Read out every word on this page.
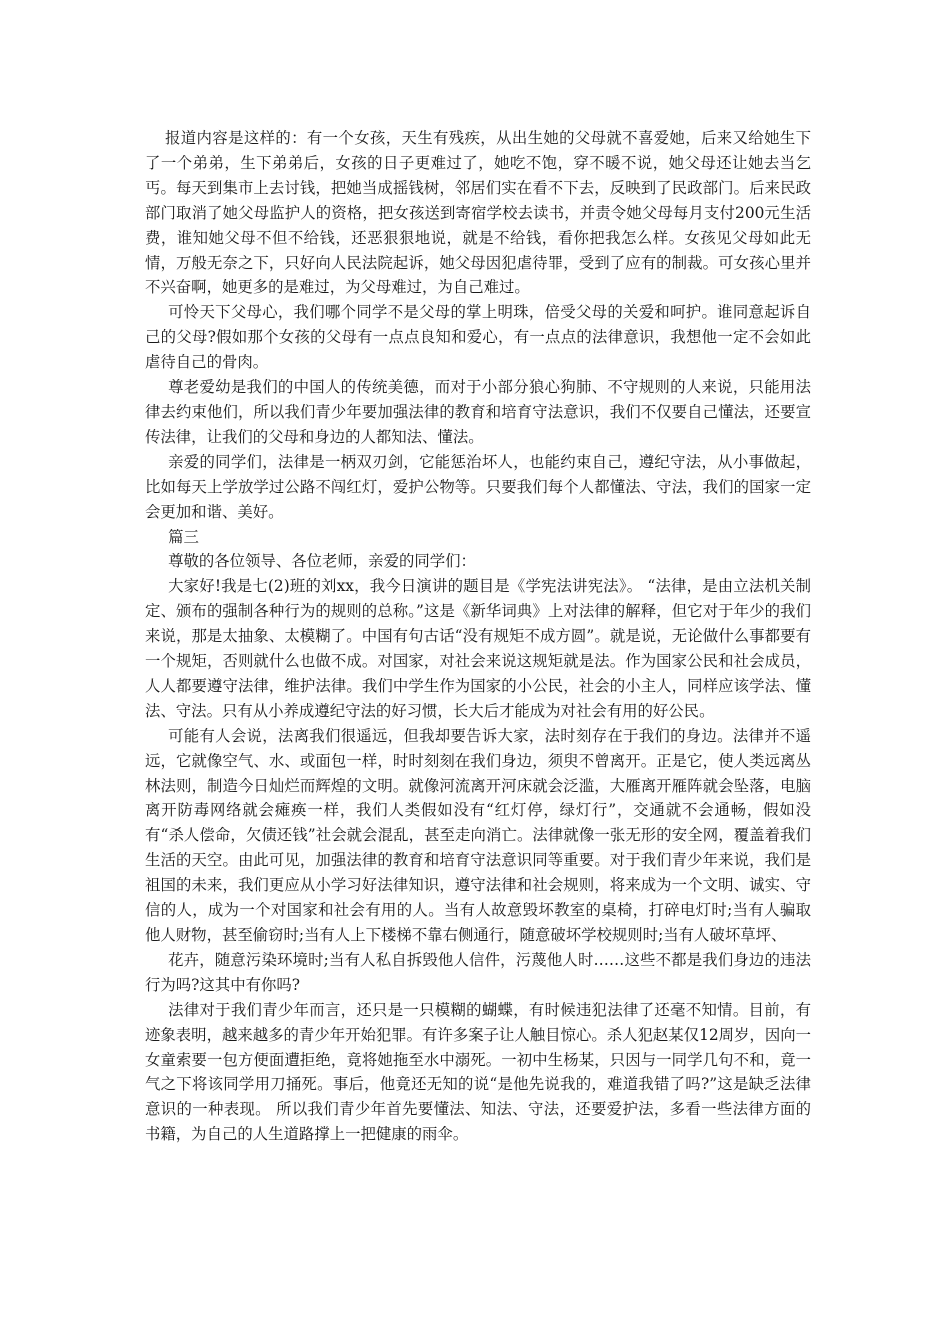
报道内容是这样的：有一个女孩，天生有残疾，从出生她的父母就不喜爱她，后来又给她生下了一个弟弟，生下弟弟后，女孩的日子更难过了，她吃不饱，穿不暖不说，她父母还让她去当乞丐。每天到集市上去讨钱，把她当成摇钱树，邻居们实在看不下去，反映到了民政部门。后来民政部门取消了她父母监护人的资格，把女孩送到寄宿学校去读书，并责令她父母每月支付200元生活费，谁知她父母不但不给钱，还恶狠狠地说，就是不给钱，看你把我怎么样。女孩见父母如此无情，万般无奈之下，只好向人民法院起诉，她父母因犯虐待罪，受到了应有的制裁。可女孩心里并不兴奋啊，她更多的是难过，为父母难过，为自己难过。

可怜天下父母心，我们哪个同学不是父母的掌上明珠，倍受父母的关爱和呵护。谁同意起诉自己的父母?假如那个女孩的父母有一点点良知和爱心，有一点点的法律意识，我想他一定不会如此虐待自己的骨肉。

尊老爱幼是我们的中国人的传统美德，而对于小部分狼心狗肺、不守规则的人来说，只能用法律去约束他们，所以我们青少年要加强法律的教育和培育守法意识，我们不仅要自己懂法，还要宣传法律，让我们的父母和身边的人都知法、懂法。

亲爱的同学们，法律是一柄双刃剑，它能惩治坏人，也能约束自己，遵纪守法，从小事做起，比如每天上学放学过公路不闯红灯，爱护公物等。只要我们每个人都懂法、守法，我们的国家一定会更加和谐、美好。

篇三

尊敬的各位领导、各位老师，亲爱的同学们：

大家好!我是七(2)班的刘xx，我今日演讲的题目是《学宪法讲宪法》。 “法律，是由立法机关制定、颁布的强制各种行为的规则的总称。”这是《新华词典》上对法律的解释，但它对于年少的我们来说，那是太抽象、太模糊了。中国有句古话“没有规矩不成方圆”。就是说，无论做什么事都要有一个规矩，否则就什么也做不成。对国家，对社会来说这规矩就是法。作为国家公民和社会成员，人人都要遵守法律，维护法律。我们中学生作为国家的小公民，社会的小主人，同样应该学法、懂法、守法。只有从小养成遵纪守法的好习惯，长大后才能成为对社会有用的好公民。

可能有人会说，法离我们很遥远，但我却要告诉大家，法时刻存在于我们的身边。法律并不遥远，它就像空气、水、或面包一样，时时刻刻在我们身边，须臾不曾离开。正是它，使人类远离丛林法则，制造今日灿烂而辉煌的文明。就像河流离开河床就会泛滥，大雁离开雁阵就会坠落，电脑离开防毒网络就会瘫痪一样，我们人类假如没有“红灯停，绿灯行”，交通就不会通畅，假如没有“杀人偿命，欠债还钱”社会就会混乱，甚至走向消亡。法律就像一张无形的安全网，覆盖着我们生活的天空。由此可见，加强法律的教育和培育守法意识同等重要。对于我们青少年来说，我们是祖国的未来，我们更应从小学习好法律知识，遵守法律和社会规则，将来成为一个文明、诚实、守信的人，成为一个对国家和社会有用的人。当有人故意毁坏教室的桌椅，打碎电灯时;当有人骗取他人财物，甚至偷窃时;当有人上下楼梯不靠右侧通行，随意破坏学校规则时;当有人破坏草坪、

花卉，随意污染环境时;当有人私自拆毁他人信件，污蔑他人时……这些不都是我们身边的违法行为吗?这其中有你吗?

法律对于我们青少年而言，还只是一只模糊的蝴蝶，有时候违犯法律了还毫不知情。目前，有迹象表明，越来越多的青少年开始犯罪。有许多案子让人触目惊心。杀人犯赵某仅12周岁，因向一女童索要一包方便面遭拒绝，竟将她拖至水中溺死。一初中生杨某，只因与一同学几句不和，竟一气之下将该同学用刀捅死。事后，他竟还无知的说“是他先说我的，难道我错了吗?”这是缺乏法律意识的一种表现。 所以我们青少年首先要懂法、知法、守法，还要爱护法，多看一些法律方面的书籍，为自己的人生道路撑上一把健康的雨伞。
